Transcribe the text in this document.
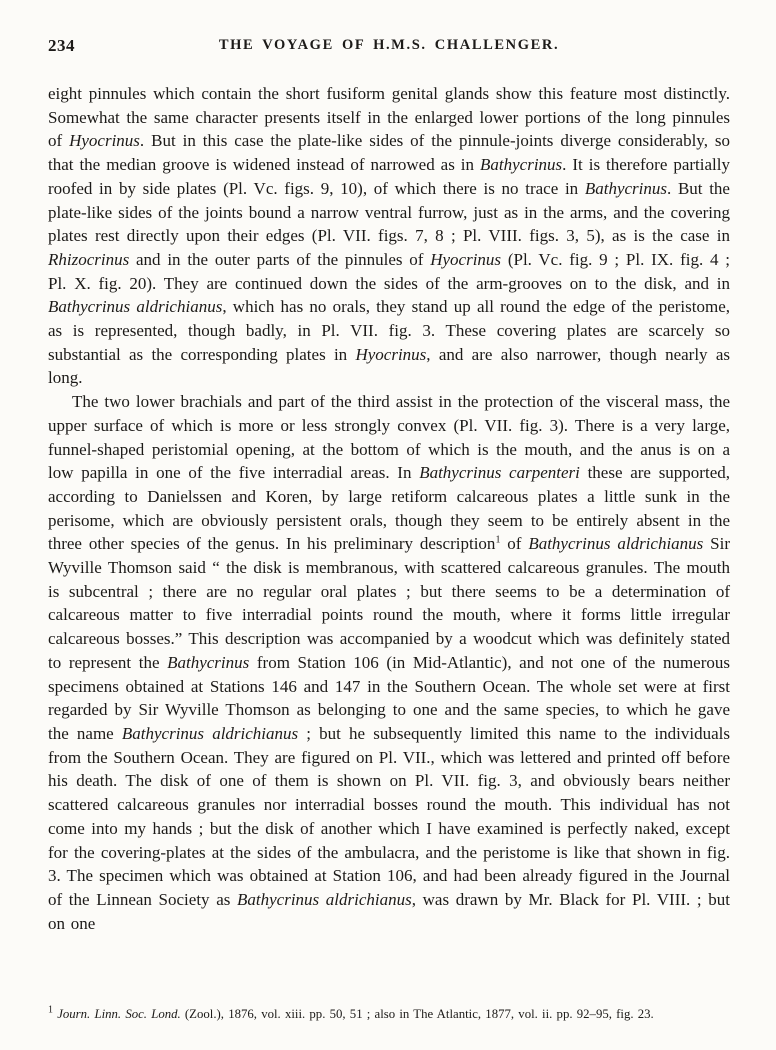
234	THE VOYAGE OF H.M.S. CHALLENGER.

eight pinnules which contain the short fusiform genital glands show this feature most distinctly. Somewhat the same character presents itself in the enlarged lower portions of the long pinnules of Hyocrinus. But in this case the plate-like sides of the pinnule-joints diverge considerably, so that the median groove is widened instead of narrowed as in Bathycrinus. It is therefore partially roofed in by side plates (Pl. Vc. figs. 9, 10), of which there is no trace in Bathycrinus. But the plate-like sides of the joints bound a narrow ventral furrow, just as in the arms, and the covering plates rest directly upon their edges (Pl. VII. figs. 7, 8 ; Pl. VIII. figs. 3, 5), as is the case in Rhizocrinus and in the outer parts of the pinnules of Hyocrinus (Pl. Vc. fig. 9 ; Pl. IX. fig. 4 ; Pl. X. fig. 20). They are continued down the sides of the arm-grooves on to the disk, and in Bathycrinus aldrichianus, which has no orals, they stand up all round the edge of the peristome, as is represented, though badly, in Pl. VII. fig. 3. These covering plates are scarcely so substantial as the corresponding plates in Hyocrinus, and are also narrower, though nearly as long.

The two lower brachials and part of the third assist in the protection of the visceral mass, the upper surface of which is more or less strongly convex (Pl. VII. fig. 3). There is a very large, funnel-shaped peristomial opening, at the bottom of which is the mouth, and the anus is on a low papilla in one of the five interradial areas. In Bathycrinus carpenteri these are supported, according to Danielssen and Koren, by large retiform calcareous plates a little sunk in the perisome, which are obviously persistent orals, though they seem to be entirely absent in the three other species of the genus. In his preliminary description$^1$ of Bathycrinus aldrichianus Sir Wyville Thomson said “ the disk is membranous, with scattered calcareous granules. The mouth is subcentral ; there are no regular oral plates ; but there seems to be a determination of calcareous matter to five interradial points round the mouth, where it forms little irregular calcareous bosses.” This description was accompanied by a woodcut which was definitely stated to represent the Bathycrinus from Station 106 (in Mid-Atlantic), and not one of the numerous specimens obtained at Stations 146 and 147 in the Southern Ocean. The whole set were at first regarded by Sir Wyville Thomson as belonging to one and the same species, to which he gave the name Bathycrinus aldrichianus ; but he subsequently limited this name to the individuals from the Southern Ocean. They are figured on Pl. VII., which was lettered and printed off before his death. The disk of one of them is shown on Pl. VII. fig. 3, and obviously bears neither scattered calcareous granules nor interradial bosses round the mouth. This individual has not come into my hands ; but the disk of another which I have examined is perfectly naked, except for the covering-plates at the sides of the ambulacra, and the peristome is like that shown in fig. 3. The specimen which was obtained at Station 106, and had been already figured in the Journal of the Linnean Society as Bathycrinus aldrichianus, was drawn by Mr. Black for Pl. VIII. ; but on one

$^1$ Journ. Linn. Soc. Lond. (Zool.), 1876, vol. xiii. pp. 50, 51 ; also in The Atlantic, 1877, vol. ii. pp. 92–95, fig. 23.
